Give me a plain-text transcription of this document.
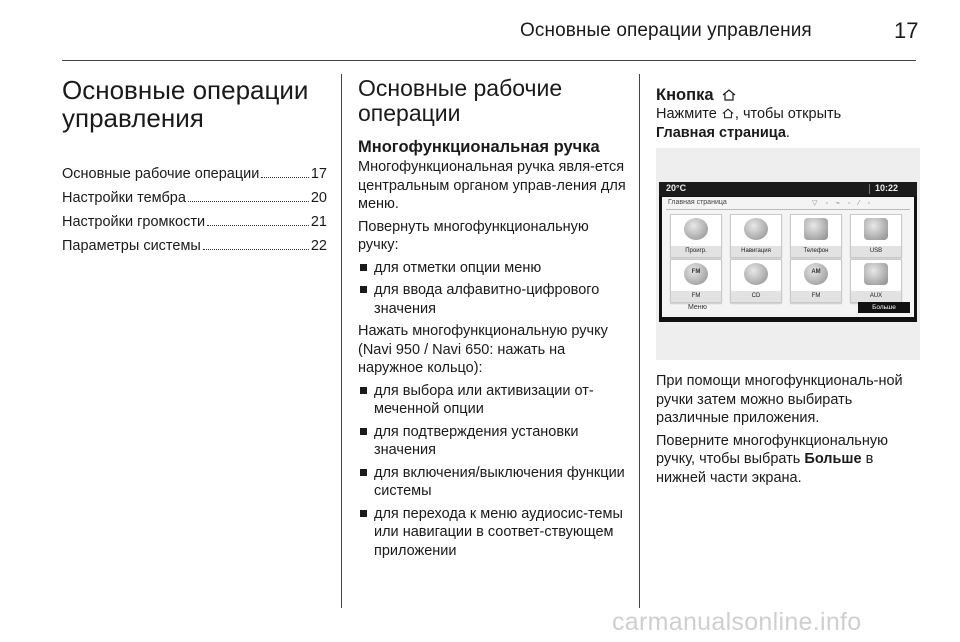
Основные операции управления	17
Основные операции
управления
Основные рабочие операции	17
Настройки тембра	20
Настройки громкости	21
Параметры системы	22
Основные рабочие
операции
Многофункциональная ручка

Многофункциональная ручка явля-ется центральным органом управ-ления для меню.

Повернуть многофункциональную ручку:

для отметки опции меню
для ввода алфавитно-цифрового значения

Нажать многофункциональную ручку (Navi 950 / Navi 650: нажать на наружное кольцо):

для выбора или активизации от-меченной опции
для подтверждения установки значения
для включения/выключения функции системы
для перехода к меню аудиосис-темы или навигации в соответ-ствующем приложении
Кнопка

Нажмите , чтобы открыть
Главная страница.

20°C	10:22
Главная страница	▽ ◦ ⌁ ◦ ⁄ ◦
Проигр.	Навигация	Телефон	USB
FM
FM	CD
AM
FM	AUX
Меню	Больше

При помощи многофункциональ-ной ручки затем можно выбирать различные приложения.

Поверните многофункциональную ручку, чтобы выбрать Больше в нижней части экрана.

carmanualsonline.info
